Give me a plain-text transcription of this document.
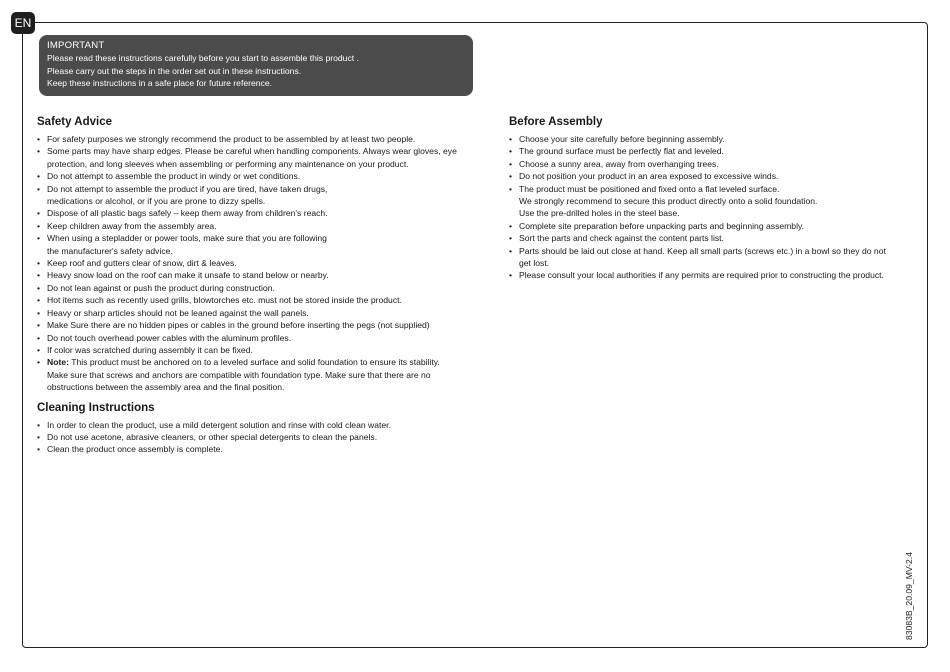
EN
IMPORTANT
Please read these instructions carefully before you start to assemble this product .
Please carry out the steps in the order set out in these instructions.
Keep these instructions in a safe place for future reference.
Safety Advice
• For safety purposes we strongly recommend the product to be assembled by at least two people.
• Some parts may have sharp edges. Please be careful when handling components. Always wear gloves, eye protection, and long sleeves when assembling or performing any maintenance on your product.
• Do not attempt to assemble the product in windy or wet conditions.
• Do not attempt to assemble the product if you are tired, have taken drugs,
medications or alcohol, or if you are prone to dizzy spells.
• Dispose of all plastic bags safely – keep them away from children's reach.
• Keep children away from the assembly area.
• When using a stepladder or power tools, make sure that you are following
the manufacturer's safety advice.
• Keep roof and gutters clear of snow, dirt & leaves.
• Heavy snow load on the roof can make it unsafe to stand below or nearby.
• Do not lean against or push the product during construction.
• Hot items such as recently used grills, blowtorches etc. must not be stored inside the product.
• Heavy or sharp articles should not be leaned against the wall panels.
• Make Sure there are no hidden pipes or cables in the ground before inserting the pegs (not supplied)
• Do not touch overhead power cables with the aluminum profiles.
• If color was scratched during assembly it can be fixed.
• Note: This product must be anchored on to a leveled surface and solid foundation to ensure its stability.
Make sure that screws and anchors are compatible with foundation type. Make sure that there are no obstructions between the assembly area and the final position.
Cleaning Instructions
• In order to clean the product, use a mild detergent solution and rinse with cold clean water.
• Do not use acetone, abrasive cleaners, or other special detergents to clean the panels.
• Clean the product once assembly is complete.
Before Assembly
• Choose your site carefully before beginning assembly.
• The ground surface must be perfectly flat and leveled.
• Choose a sunny area, away from overhanging trees.
• Do not position your product in an area exposed to excessive winds.
• The product must be positioned and fixed onto a flat leveled surface.
We strongly recommend to secure this product directly onto a solid foundation.
Use the pre-drilled holes in the steel base.
• Complete site preparation before unpacking parts and beginning assembly.
• Sort the parts and check against the content parts list.
• Parts should be laid out close at hand. Keep all small parts (screws etc.) in a bowl so they do not get lost.
• Please consult your local authorities if any permits are required prior to constructing the product.
83083B_20.09_MV-2.4
